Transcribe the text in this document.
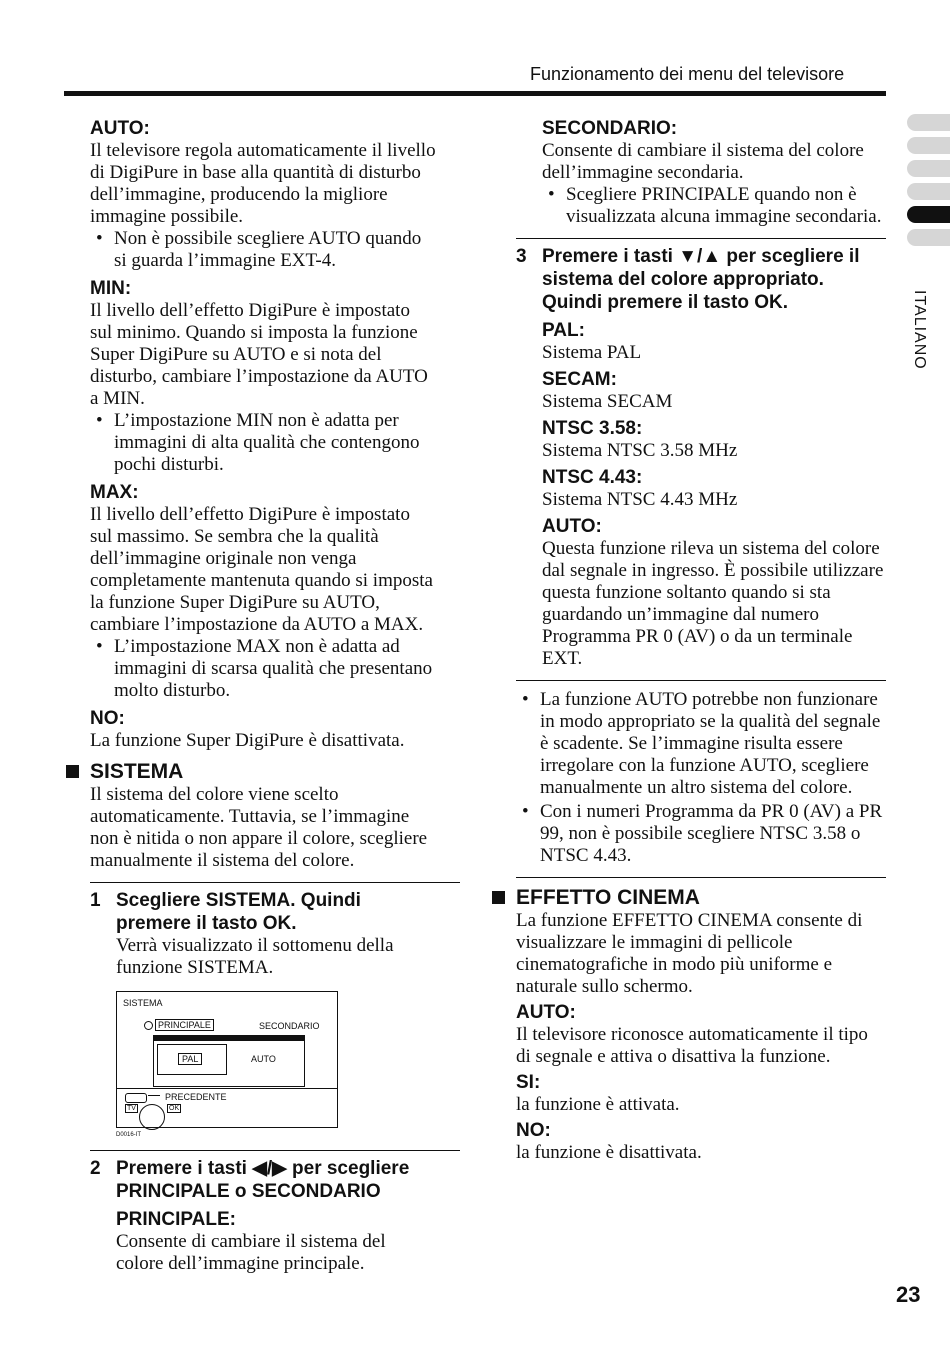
Funzionamento dei menu del televisore
ITALIANO

AUTO:

Il televisore regola automaticamente il livello di DigiPure in base alla quantità di disturbo dell’immagine, producendo la migliore immagine possibile.

• Non è possibile scegliere AUTO quando si guarda l’immagine EXT-4.

MIN:

Il livello dell’effetto DigiPure è impostato sul minimo. Quando si imposta la funzione Super DigiPure su AUTO e si nota del disturbo, cambiare l’impostazione da AUTO a MIN.

• L’impostazione MIN non è adatta per immagini di alta qualità che contengono pochi disturbi.

MAX:

Il livello dell’effetto DigiPure è impostato sul massimo. Se sembra che la qualità dell’immagine originale non venga completamente mantenuta quando si imposta la funzione Super DigiPure su AUTO, cambiare l’impostazione da AUTO a MAX.

• L’impostazione MAX non è adatta ad immagini di scarsa qualità che presentano molto disturbo.

NO:

La funzione Super DigiPure è disattivata.

SISTEMA

Il sistema del colore viene scelto automaticamente. Tuttavia, se l’immagine non è nitida o non appare il colore, scegliere manualmente il sistema del colore.

1 Scegliere SISTEMA. Quindi premere il tasto OK.

Verrà visualizzato il sottomenu della funzione SISTEMA.

SISTEMA
PRINCIPALE	SECONDARIO
PAL	AUTO
PRECEDENTE
TV	OK
D0016-IT

2 Premere i tasti ◀/▶ per scegliere PRINCIPALE o SECONDARIO

PRINCIPALE:

Consente di cambiare il sistema del colore dell’immagine principale.

SECONDARIO:

Consente di cambiare il sistema del colore dell’immagine secondaria.

• Scegliere PRINCIPALE quando non è visualizzata alcuna immagine secondaria.

3 Premere i tasti ▼/▲ per scegliere il sistema del colore appropriato. Quindi premere il tasto OK.

PAL:

Sistema PAL

SECAM:

Sistema SECAM

NTSC 3.58:

Sistema NTSC 3.58 MHz

NTSC 4.43:

Sistema NTSC 4.43 MHz

AUTO:

Questa funzione rileva un sistema del colore dal segnale in ingresso. È possibile utilizzare questa funzione soltanto quando si sta guardando un’immagine dal numero Programma PR 0 (AV) o da un terminale EXT.

• La funzione AUTO potrebbe non funzionare in modo appropriato se la qualità del segnale è scadente. Se l’immagine risulta essere irregolare con la funzione AUTO, scegliere manualmente un altro sistema del colore.

• Con i numeri Programma da PR 0 (AV) a PR 99, non è possibile scegliere NTSC 3.58 o NTSC 4.43.

EFFETTO CINEMA

La funzione EFFETTO CINEMA consente di visualizzare le immagini di pellicole cinematografiche in modo più uniforme e naturale sullo schermo.

AUTO:

Il televisore riconosce automaticamente il tipo di segnale e attiva o disattiva la funzione.

SI:

la funzione è attivata.

NO:

la funzione è disattivata.

23
